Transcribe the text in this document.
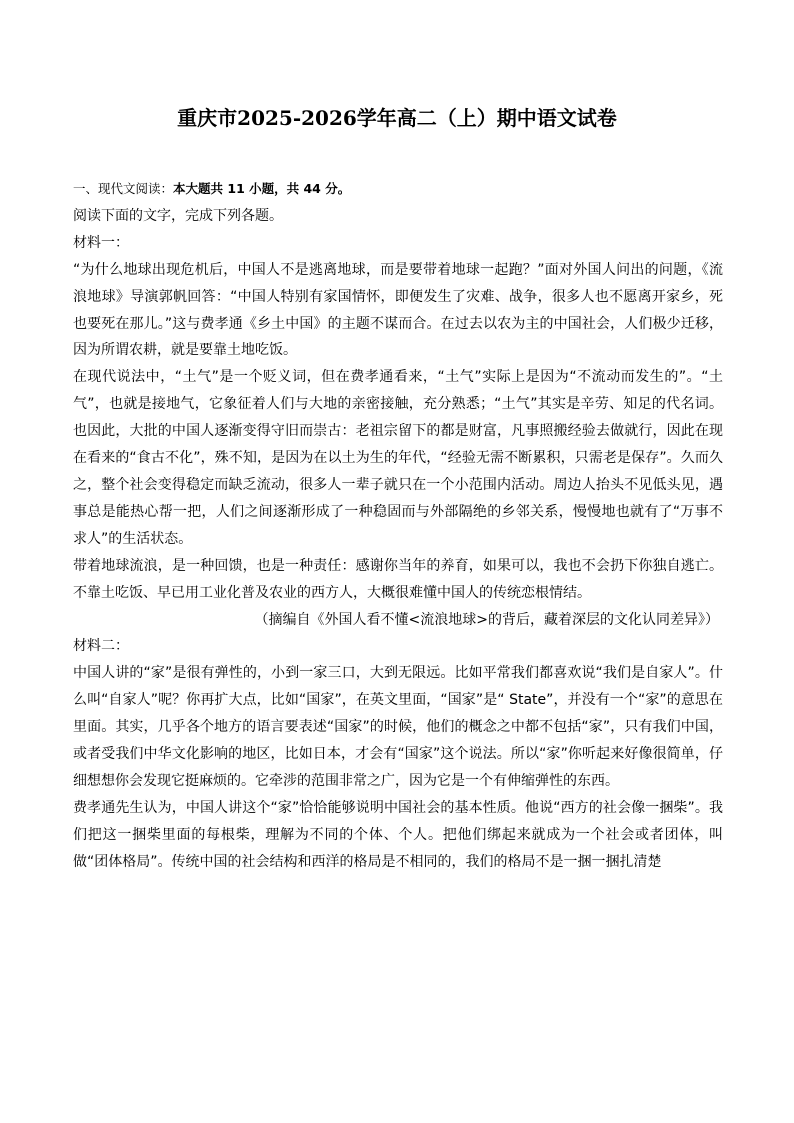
重庆市2025-2026学年高二（上）期中语文试卷

一、现代文阅读：本大题共 11 小题，共 44 分。

阅读下面的文字，完成下列各题。

材料一：

“为什么地球出现危机后，中国人不是逃离地球，而是要带着地球一起跑？”面对外国人问出的问题，《流浪地球》导演郭帆回答：“中国人特别有家国情怀，即便发生了灾难、战争，很多人也不愿离开家乡，死也要死在那儿。”这与费孝通《乡土中国》的主题不谋而合。在过去以农为主的中国社会，人们极少迁移，因为所谓农耕，就是要靠土地吃饭。

在现代说法中，“土气”是一个贬义词，但在费孝通看来，“土气”实际上是因为“不流动而发生的”。“土气”，也就是接地气，它象征着人们与大地的亲密接触，充分熟悉；“土气”其实是辛劳、知足的代名词。也因此，大批的中国人逐渐变得守旧而崇古：老祖宗留下的都是财富，凡事照搬经验去做就行，因此在现在看来的“食古不化”，殊不知，是因为在以土为生的年代，“经验无需不断累积，只需老是保存”。久而久之，整个社会变得稳定而缺乏流动，很多人一辈子就只在一个小范围内活动。周边人抬头不见低头见，遇事总是能热心帮一把，人们之间逐渐形成了一种稳固而与外部隔绝的乡邻关系，慢慢地也就有了“万事不求人”的生活状态。

带着地球流浪，是一种回馈，也是一种责任：感谢你当年的养育，如果可以，我也不会扔下你独自逃亡。不靠土吃饭、早已用工业化普及农业的西方人，大概很难懂中国人的传统恋根情结。

（摘编自《外国人看不懂<流浪地球>的背后，藏着深层的文化认同差异》）

材料二：

中国人讲的“家”是很有弹性的，小到一家三口，大到无限远。比如平常我们都喜欢说“我们是自家人”。什么叫“自家人”呢？你再扩大点，比如“国家”，在英文里面，“国家”是“ State”，并没有一个“家”的意思在里面。其实，几乎各个地方的语言要表述“国家”的时候，他们的概念之中都不包括“家”，只有我们中国，或者受我们中华文化影响的地区，比如日本，才会有“国家”这个说法。所以“家”你听起来好像很简单，仔细想想你会发现它挺麻烦的。它牵涉的范围非常之广，因为它是一个有伸缩弹性的东西。

费孝通先生认为，中国人讲这个“家”恰恰能够说明中国社会的基本性质。他说“西方的社会像一捆柴”。我们把这一捆柴里面的每根柴，理解为不同的个体、个人。把他们绑起来就成为一个社会或者团体，叫做“团体格局”。传统中国的社会结构和西洋的格局是不相同的，我们的格局不是一捆一捆扎清楚
